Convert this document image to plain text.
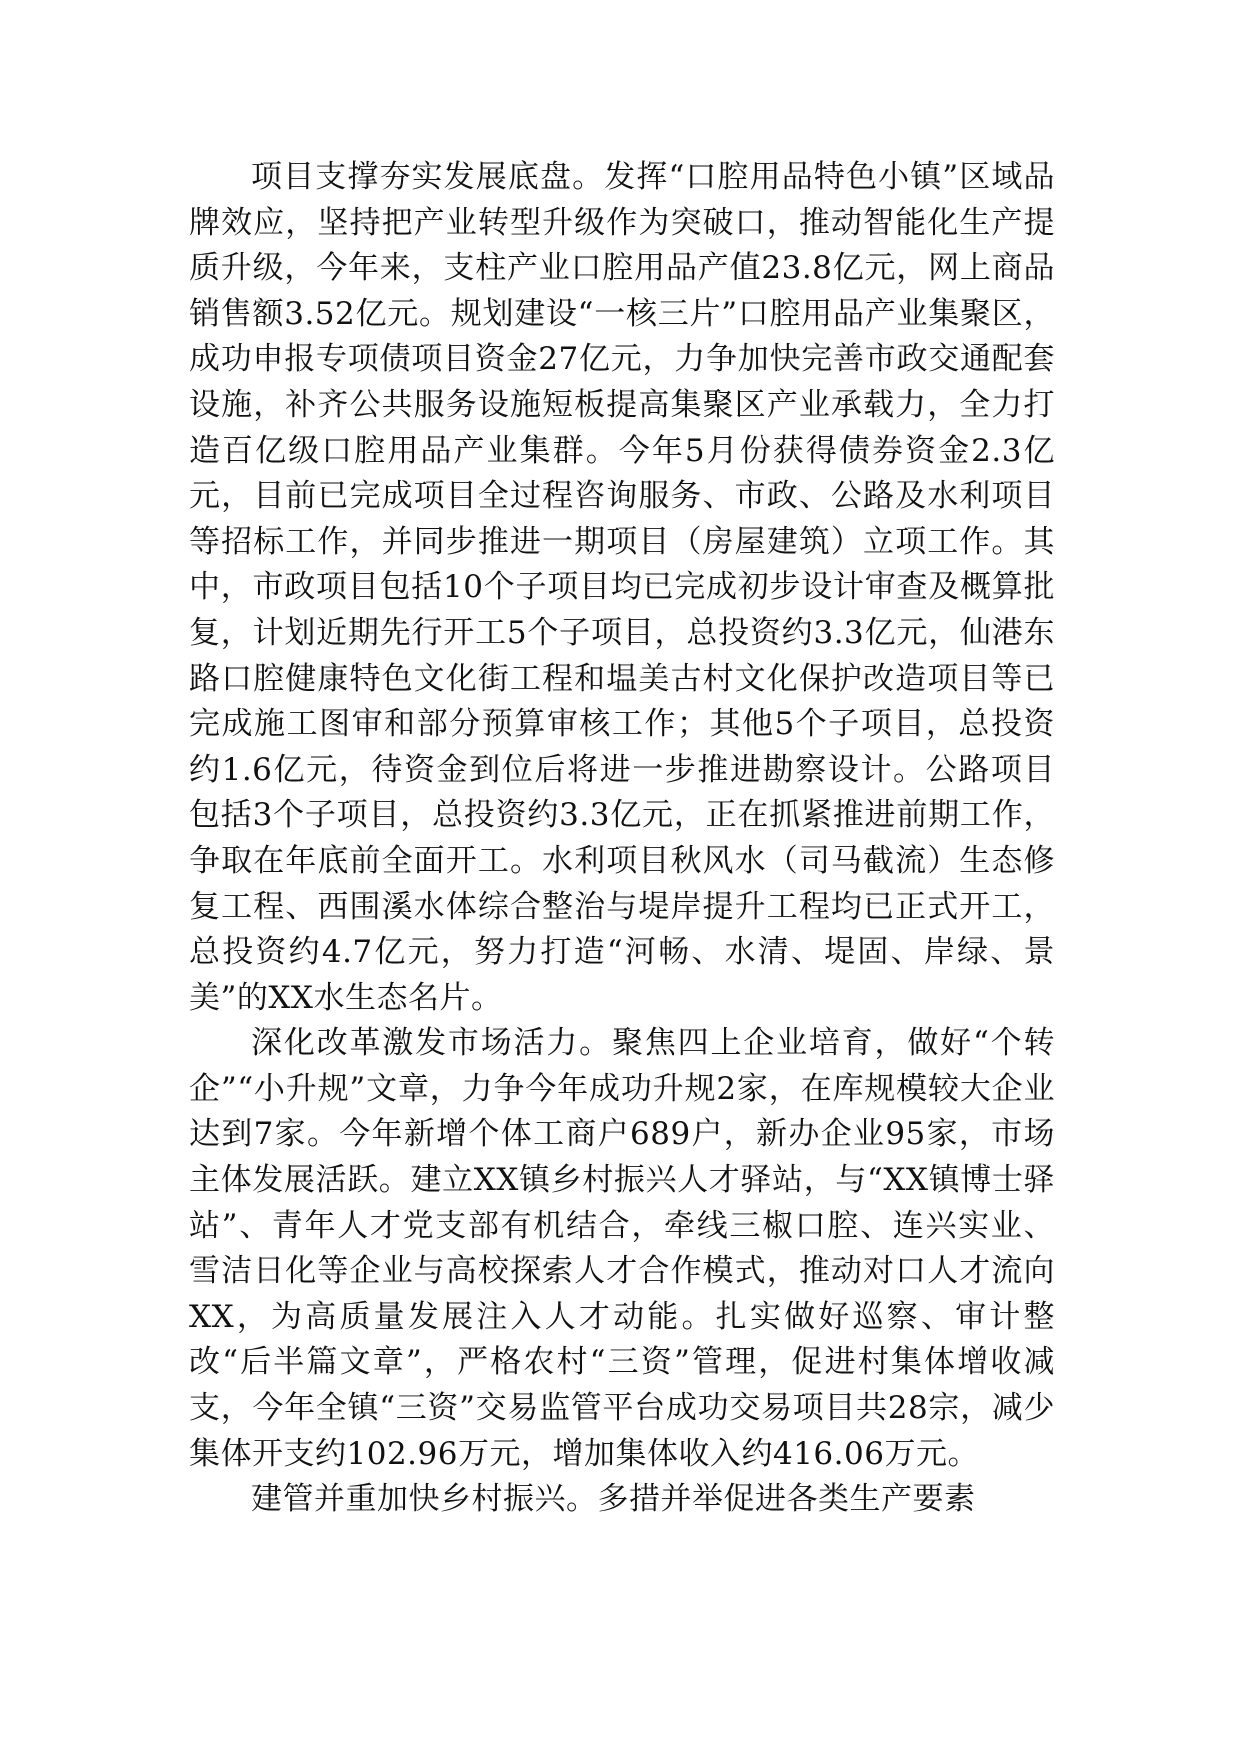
项目支撑夯实发展底盘。发挥“口腔用品特色小镇”区域品牌效应，坚持把产业转型升级作为突破口，推动智能化生产提质升级，今年来，支柱产业口腔用品产值23.8亿元，网上商品销售额3.52亿元。规划建设“一核三片”口腔用品产业集聚区，成功申报专项债项目资金27亿元，力争加快完善市政交通配套设施，补齐公共服务设施短板提高集聚区产业承载力，全力打造百亿级口腔用品产业集群。今年5月份获得债券资金2.3亿元，目前已完成项目全过程咨询服务、市政、公路及水利项目等招标工作，并同步推进一期项目（房屋建筑）立项工作。其中，市政项目包括10个子项目均已完成初步设计审查及概算批复，计划近期先行开工5个子项目，总投资约3.3亿元，仙港东路口腔健康特色文化街工程和塭美古村文化保护改造项目等已完成施工图审和部分预算审核工作；其他5个子项目，总投资约1.6亿元，待资金到位后将进一步推进勘察设计。公路项目包括3个子项目，总投资约3.3亿元，正在抓紧推进前期工作，争取在年底前全面开工。水利项目秋风水（司马截流）生态修复工程、西围溪水体综合整治与堤岸提升工程均已正式开工，总投资约4.7亿元，努力打造“河畅、水清、堤固、岸绿、景美”的XX水生态名片。

深化改革激发市场活力。聚焦四上企业培育，做好“个转企”“小升规”文章，力争今年成功升规2家，在库规模较大企业达到7家。今年新增个体工商户689户，新办企业95家，市场主体发展活跃。建立XX镇乡村振兴人才驿站，与“XX镇博士驿站”、青年人才党支部有机结合，牵线三椒口腔、连兴实业、雪洁日化等企业与高校探索人才合作模式，推动对口人才流向XX，为高质量发展注入人才动能。扎实做好巡察、审计整改“后半篇文章”，严格农村“三资”管理，促进村集体增收减支，今年全镇“三资”交易监管平台成功交易项目共28宗，减少集体开支约102.96万元，增加集体收入约416.06万元。

建管并重加快乡村振兴。多措并举促进各类生产要素
